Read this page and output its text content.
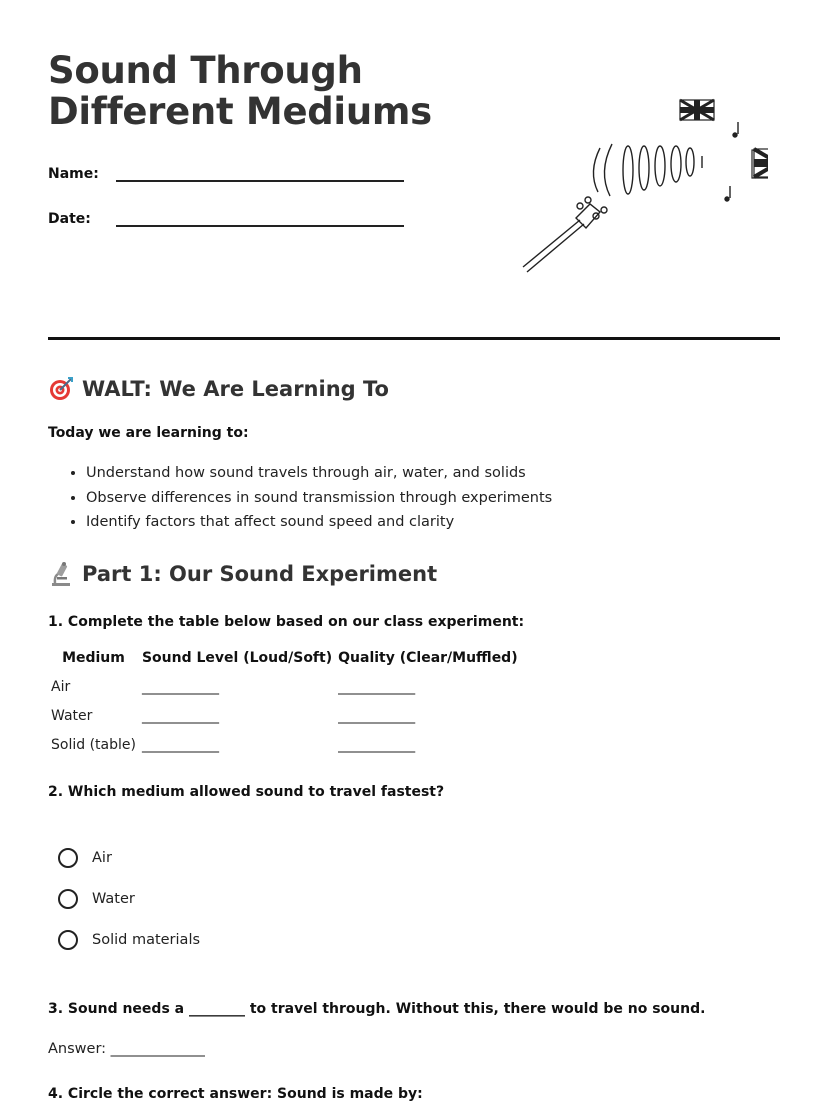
Sound Through
Different Mediums
Name:
Date:
WALT: We Are Learning To
Today we are learning to:
• Understand how sound travels through air, water, and solids
• Observe differences in sound transmission through experiments
• Identify factors that affect sound speed and clarity
Part 1: Our Sound Experiment
1. Complete the table below based on our class experiment:
Medium	Sound Level (Loud/Soft)	Quality (Clear/Muffled)
Air	___________	___________
Water	___________	___________
Solid (table)	___________	___________
2. Which medium allowed sound to travel fastest?
Air
Water
Solid materials
3. Sound needs a ________ to travel through. Without this, there would be no sound.
Answer: _____________
4. Circle the correct answer: Sound is made by:
